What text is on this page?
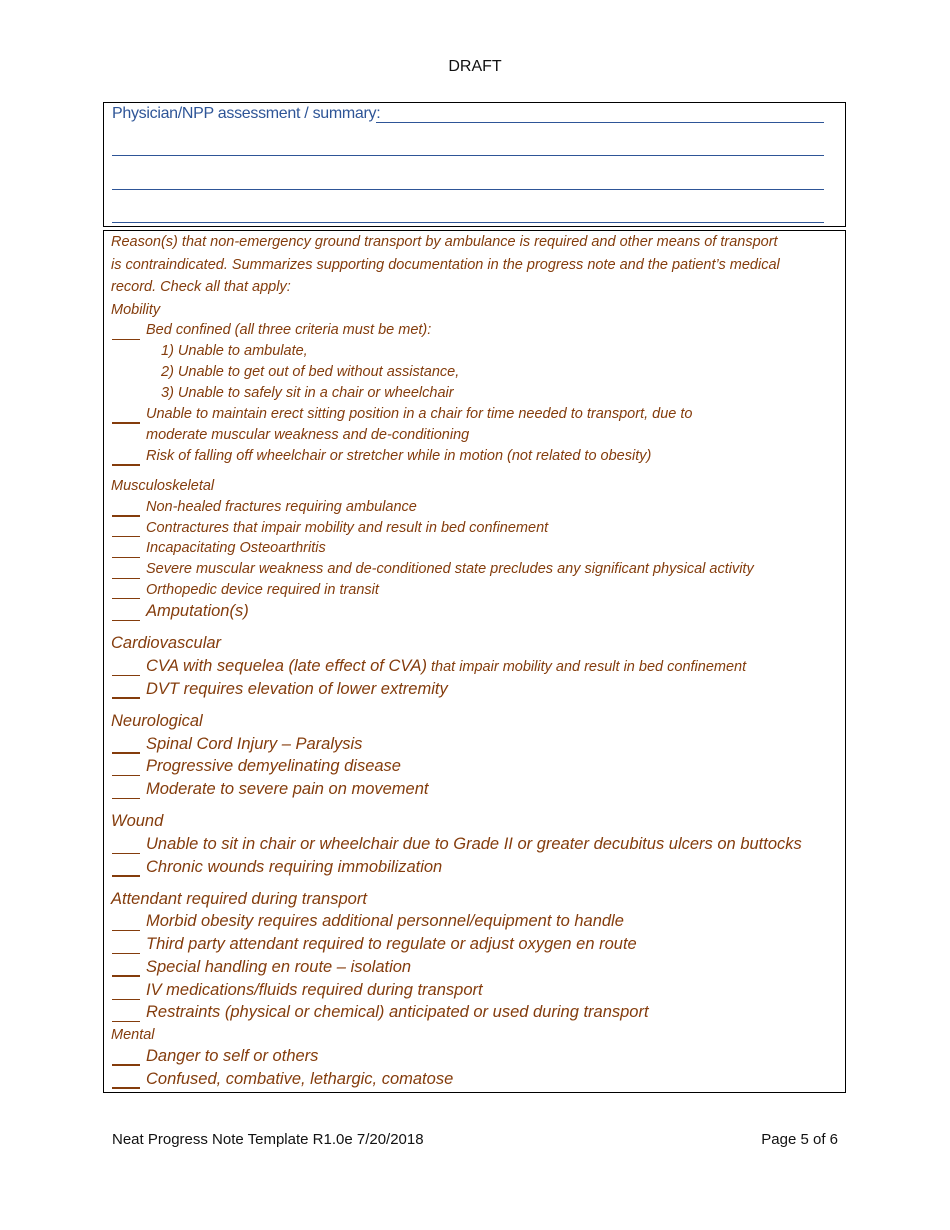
DRAFT
Physician/NPP assessment / summary:
Reason(s) that non-emergency ground transport by ambulance is required and other means of transport
is contraindicated. Summarizes supporting documentation in the progress note and the patient’s medical
record. Check all that apply:
Mobility
Bed confined (all three criteria must be met):
1) Unable to ambulate,
2) Unable to get out of bed without assistance,
3) Unable to safely sit in a chair or wheelchair
Unable to maintain erect sitting position in a chair for time needed to transport, due to
moderate muscular weakness and de-conditioning
Risk of falling off wheelchair or stretcher while in motion (not related to obesity)
Musculoskeletal
Non-healed fractures requiring ambulance
Contractures that impair mobility and result in bed confinement
Incapacitating Osteoarthritis
Severe muscular weakness and de-conditioned state precludes any significant physical activity
Orthopedic device required in transit
Amputation(s)
Cardiovascular
CVA with sequelea (late effect of CVA) that impair mobility and result in bed confinement
DVT requires elevation of lower extremity
Neurological
Spinal Cord Injury – Paralysis
Progressive demyelinating disease
Moderate to severe pain on movement
Wound
Unable to sit in chair or wheelchair due to Grade II or greater decubitus ulcers on buttocks
Chronic wounds requiring immobilization
Attendant required during transport
Morbid obesity requires additional personnel/equipment to handle
Third party attendant required to regulate or adjust oxygen en route
Special handling en route – isolation
IV medications/fluids required during transport
Restraints (physical or chemical) anticipated or used during transport
Mental
Danger to self or others
Confused, combative, lethargic, comatose
Neat Progress Note Template R1.0e 7/20/2018	Page 5 of 6
